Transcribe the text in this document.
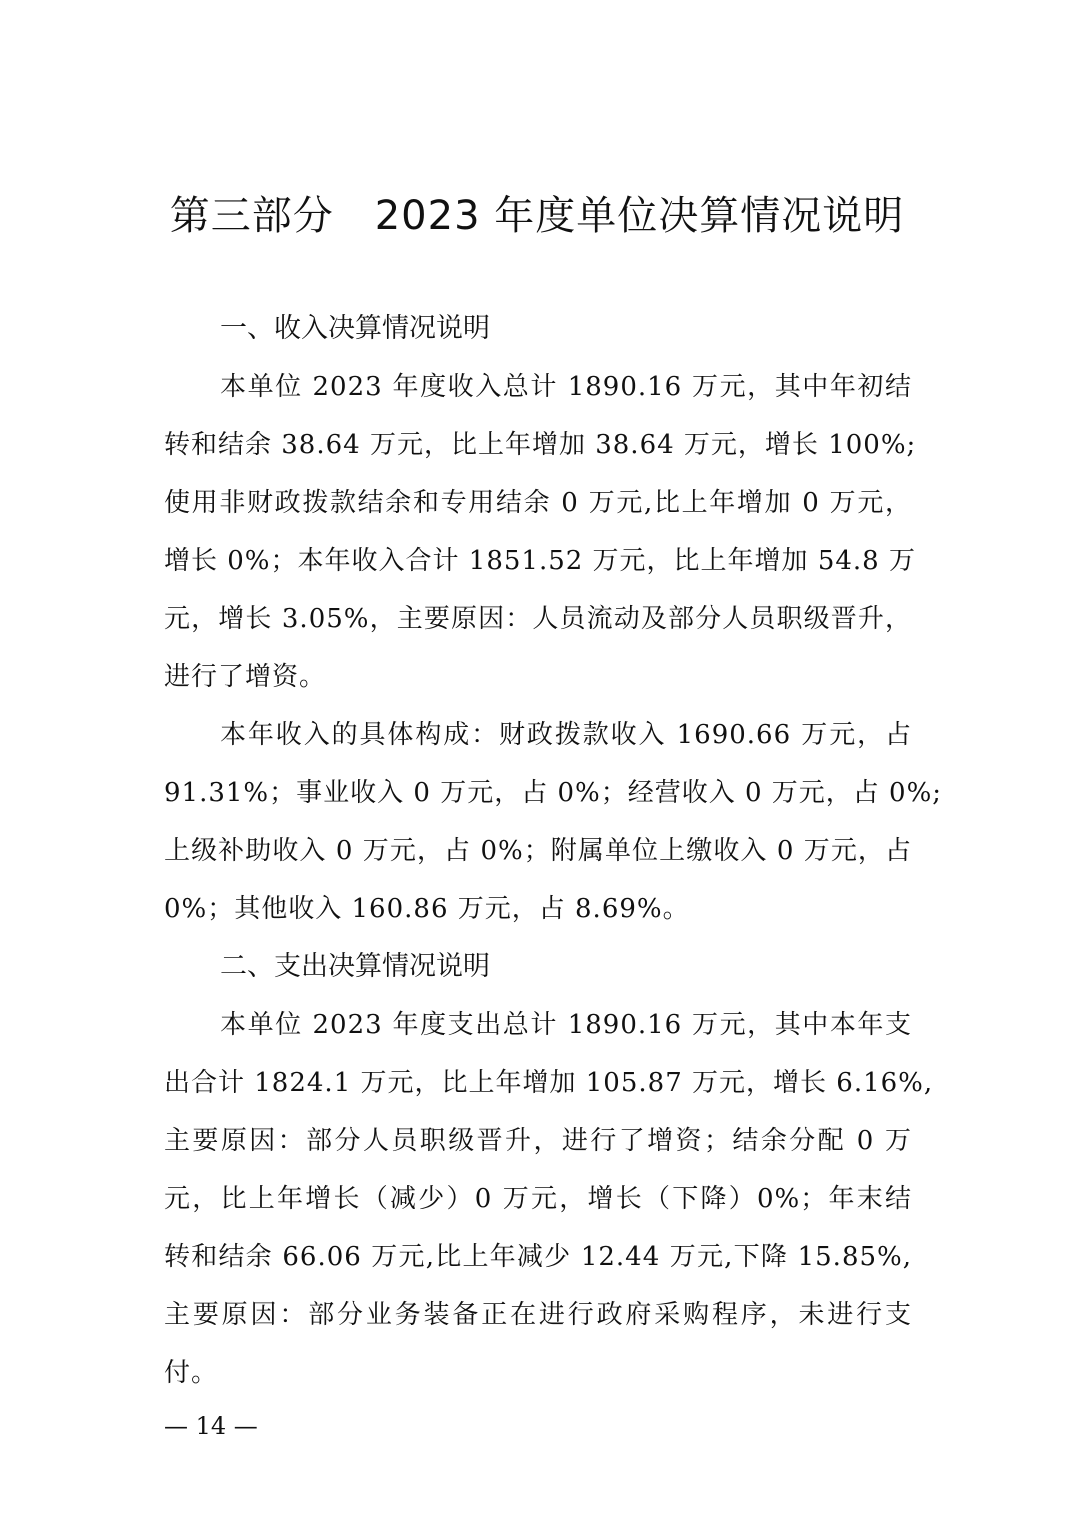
第三部分　2023 年度单位决算情况说明
一、收入决算情况说明

本单位 2023 年度收入总计 1890.16 万元，其中年初结
转和结余 38.64 万元，比上年增加 38.64 万元，增长 100%;
使用非财政拨款结余和专用结余 0 万元,比上年增加 0 万元，
增长 0%；本年收入合计 1851.52 万元，比上年增加 54.8 万
元，增长 3.05%，主要原因：人员流动及部分人员职级晋升，
进行了增资。

本年收入的具体构成：财政拨款收入 1690.66 万元，占
91.31%；事业收入 0 万元，占 0%；经营收入 0 万元，占 0%;
上级补助收入 0 万元，占 0%；附属单位上缴收入 0 万元，占
0%；其他收入 160.86 万元，占 8.69%。

二、支出决算情况说明

本单位 2023 年度支出总计 1890.16 万元，其中本年支
出合计 1824.1 万元，比上年增加 105.87 万元，增长 6.16%,
主要原因：部分人员职级晋升，进行了增资；结余分配 0 万
元，比上年增长（减少）0 万元，增长（下降）0%；年末结
转和结余 66.06 万元,比上年减少 12.44 万元,下降 15.85%,
主要原因：部分业务装备正在进行政府采购程序，未进行支
付。

— 14 —
